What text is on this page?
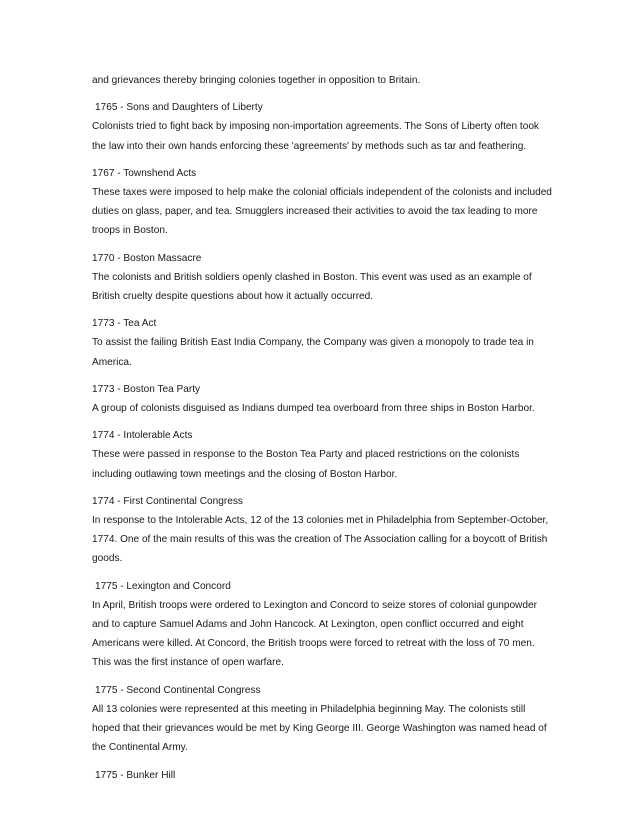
and grievances thereby bringing colonies together in opposition to Britain.

1765 - Sons and Daughters of Liberty
Colonists tried to fight back by imposing non-importation agreements. The Sons of Liberty often took the law into their own hands enforcing these 'agreements' by methods such as tar and feathering.
1767 - Townshend Acts
These taxes were imposed to help make the colonial officials independent of the colonists and included duties on glass, paper, and tea. Smugglers increased their activities to avoid the tax leading to more troops in Boston.
1770 - Boston Massacre
The colonists and British soldiers openly clashed in Boston. This event was used as an example of British cruelty despite questions about how it actually occurred.
1773 - Tea Act
To assist the failing British East India Company, the Company was given a monopoly to trade tea in America.
1773 - Boston Tea Party
A group of colonists disguised as Indians dumped tea overboard from three ships in Boston Harbor.
1774 - Intolerable Acts
These were passed in response to the Boston Tea Party and placed restrictions on the colonists including outlawing town meetings and the closing of Boston Harbor.
1774 - First Continental Congress
In response to the Intolerable Acts, 12 of the 13 colonies met in Philadelphia from September-October, 1774. One of the main results of this was the creation of The Association calling for a boycott of British goods.
1775 - Lexington and Concord
In April, British troops were ordered to Lexington and Concord to seize stores of colonial gunpowder and to capture Samuel Adams and John Hancock. At Lexington, open conflict occurred and eight Americans were killed. At Concord, the British troops were forced to retreat with the loss of 70 men. This was the first instance of open warfare.
1775 - Second Continental Congress
All 13 colonies were represented at this meeting in Philadelphia beginning May. The colonists still hoped that their grievances would be met by King George III. George Washington was named head of the Continental Army.
1775 - Bunker Hill
